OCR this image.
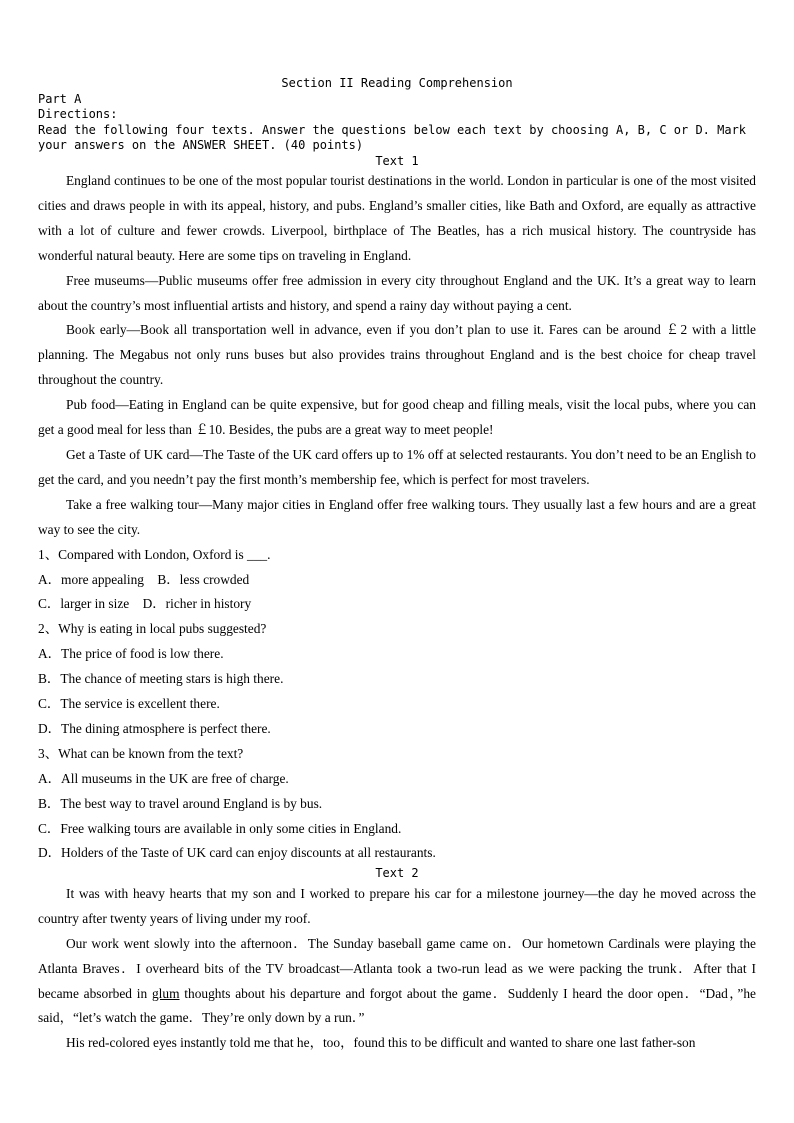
Section II Reading Comprehension
Part A
Directions:
Read the following four texts. Answer the questions below each text by choosing A, B, C or D. Mark your answers on the ANSWER SHEET. (40 points)
Text 1

England continues to be one of the most popular tourist destinations in the world. London in particular is one of the most visited cities and draws people in with its appeal, history, and pubs. England’s smaller cities, like Bath and Oxford, are equally as attractive with a lot of culture and fewer crowds. Liverpool, birthplace of The Beatles, has a rich musical history. The countryside has wonderful natural beauty. Here are some tips on traveling in England.

Free museums—Public museums offer free admission in every city throughout England and the UK. It’s a great way to learn about the country’s most influential artists and history, and spend a rainy day without paying a cent.

Book early—Book all transportation well in advance, even if you don’t plan to use it. Fares can be around ￡2 with a little planning. The Megabus not only runs buses but also provides trains throughout England and is the best choice for cheap travel throughout the country.

Pub food—Eating in England can be quite expensive, but for good cheap and filling meals, visit the local pubs, where you can get a good meal for less than ￡10. Besides, the pubs are a great way to meet people!

Get a Taste of UK card—The Taste of the UK card offers up to 1% off at selected restaurants. You don’t need to be an English to get the card, and you needn’t pay the first month’s membership fee, which is perfect for most travelers.

Take a free walking tour—Many major cities in England offer free walking tours. They usually last a few hours and are a great way to see the city.

1、Compared with London, Oxford is ___.

A．more appealing    B．less crowded

C．larger in size    D．richer in history

2、Why is eating in local pubs suggested?

A．The price of food is low there.

B．The chance of meeting stars is high there.

C．The service is excellent there.

D．The dining atmosphere is perfect there.

3、What can be known from the text?

A．All museums in the UK are free of charge.

B．The best way to travel around England is by bus.

C．Free walking tours are available in only some cities in England.

D．Holders of the Taste of UK card can enjoy discounts at all restaurants.

Text 2

It was with heavy hearts that my son and I worked to prepare his car for a milestone journey—the day he moved across the country after twenty years of living under my roof.

Our work went slowly into the afternoon．The Sunday baseball game came on．Our hometown Cardinals were playing the Atlanta Braves．I overheard bits of the TV broadcast—Atlanta took a two-run lead as we were packing the trunk．After that I became absorbed in glum thoughts about his departure and forgot about the game．Suddenly I heard the door open．“Dad，”he said，“let’s watch the game．They’re only down by a run．”

His red-colored eyes instantly told me that he，too，found this to be difficult and wanted to share one last father-son
